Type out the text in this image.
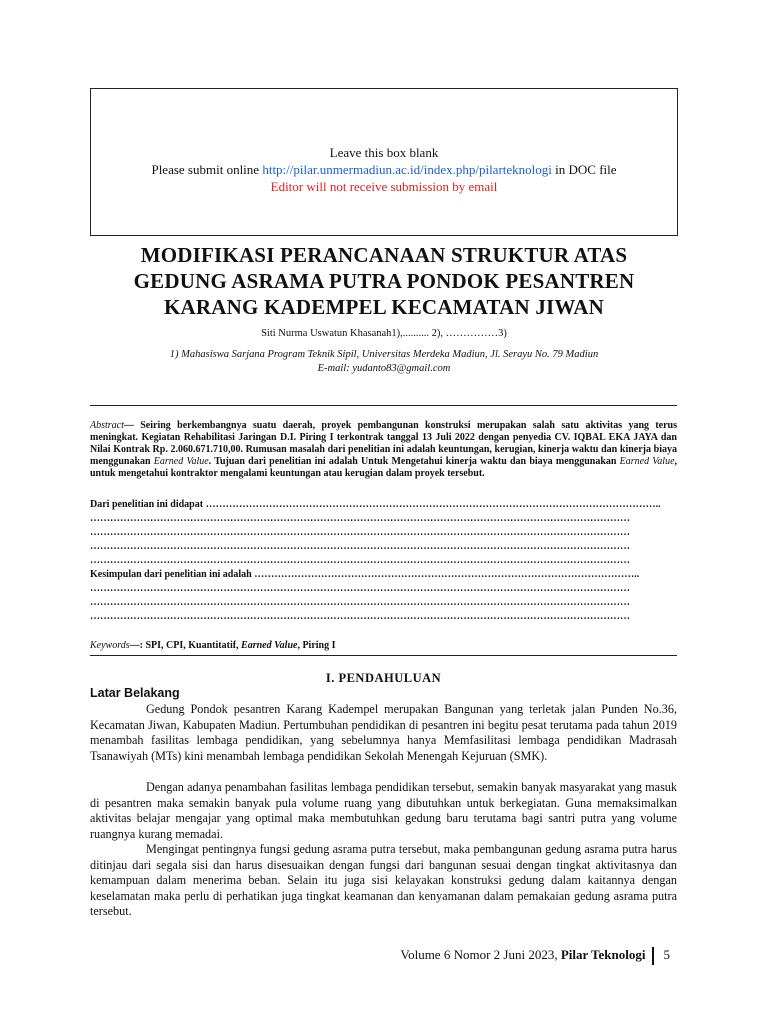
Leave this box blank
Please submit online http://pilar.unmermadiun.ac.id/index.php/pilarteknologi in DOC file
Editor will not receive submission by email
MODIFIKASI PERANCANAAN STRUKTUR ATAS
GEDUNG ASRAMA PUTRA PONDOK PESANTREN
KARANG KADEMPEL KECAMATAN JIWAN
Siti Nurma Uswatun Khasanah1),.......... 2), ……………3)
1) Mahasiswa Sarjana Program Teknik Sipil, Universitas Merdeka Madiun, Jl. Serayu No. 79 Madiun
E-mail: yudanto83@gmail.com
Abstract— Seiring berkembangnya suatu daerah, proyek pembangunan konstruksi merupakan salah satu aktivitas yang terus meningkat. Kegiatan Rehabilitasi Jaringan D.I. Piring I terkontrak tanggal 13 Juli 2022 dengan penyedia CV. IQBAL EKA JAYA dan Nilai Kontrak Rp. 2.060.671.710,00. Rumusan masalah dari penelitian ini adalah keuntungan, kerugian, kinerja waktu dan kinerja biaya menggunakan Earned Value. Tujuan dari penelitian ini adalah Untuk Mengetahui kinerja waktu dan biaya menggunakan Earned Value, untuk mengetahui kontraktor mengalami keuntungan atau kerugian dalam proyek tersebut.
Dari penelitian ini didapat ………………………………………………………………………………………………………………………..
………………………………………………………………………………………………………………………………………………
………………………………………………………………………………………………………………………………………………
………………………………………………………………………………………………………………………………………………
………………………………………………………………………………………………………………………………………………
Kesimpulan dari penelitian ini adalah ……………………………………………………………………………………………………..
………………………………………………………………………………………………………………………………………………
………………………………………………………………………………………………………………………………………………
………………………………………………………………………………………………………………………………………………
Keywords—: SPI, CPI, Kuantitatif, Earned Value, Piring I
I. PENDAHULUAN
Latar Belakang
Gedung Pondok pesantren Karang Kadempel merupakan Bangunan yang terletak jalan Punden No.36, Kecamatan Jiwan, Kabupaten Madiun. Pertumbuhan pendidikan di pesantren ini begitu pesat terutama pada tahun 2019 menambah fasilitas lembaga pendidikan, yang sebelumnya hanya Memfasilitasi lembaga pendidikan Madrasah Tsanawiyah (MTs) kini menambah lembaga pendidikan Sekolah Menengah Kejuruan (SMK).
Dengan adanya penambahan fasilitas lembaga pendidikan tersebut, semakin banyak masyarakat yang masuk di pesantren maka semakin banyak pula volume ruang yang dibutuhkan untuk berkegiatan. Guna memaksimalkan aktivitas belajar mengajar yang optimal maka membutuhkan gedung baru terutama bagi santri putra yang volume ruangnya kurang memadai.
Mengingat pentingnya fungsi gedung asrama putra tersebut, maka pembangunan gedung asrama putra harus ditinjau dari segala sisi dan harus disesuaikan dengan fungsi dari bangunan sesuai dengan tingkat aktivitasnya dan kemampuan dalam menerima beban. Selain itu juga sisi kelayakan konstruksi gedung dalam kaitannya dengan keselamatan maka perlu di perhatikan juga tingkat keamanan dan kenyamanan dalam pemakaian gedung asrama putra tersebut.
Volume 6 Nomor 2 Juni 2023, Pilar Teknologi 5
